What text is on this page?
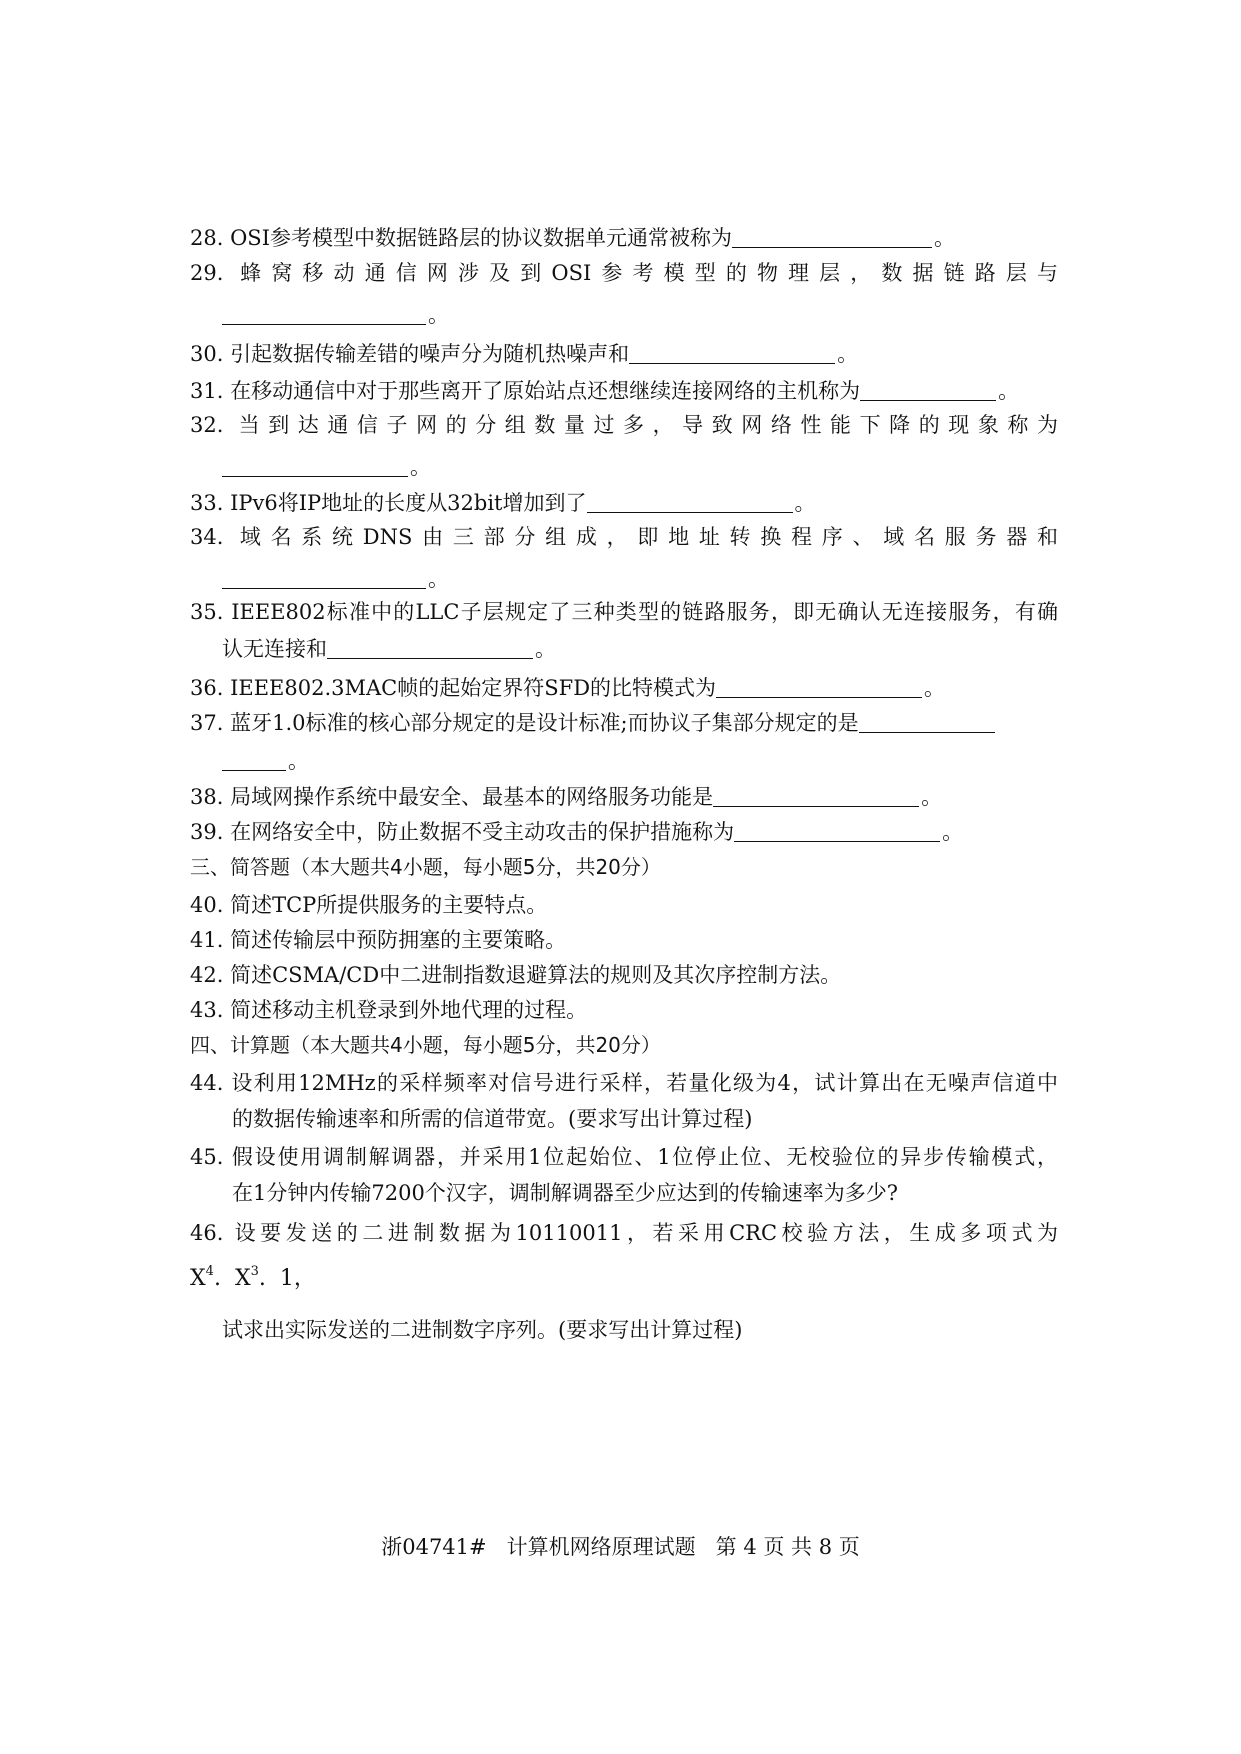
28. OSI参考模型中数据链路层的协议数据单元通常被称为	。
29. 蜂窝移动通信网涉及到OSI参考模型的物理层，数据链路层与
。
30. 引起数据传输差错的噪声分为随机热噪声和	。
31. 在移动通信中对于那些离开了原始站点还想继续连接网络的主机称为	。
32. 当到达通信子网的分组数量过多，导致网络性能下降的现象称为
。
33. IPv6将IP地址的长度从32bit增加到了	。
34. 域名系统DNS由三部分组成，即地址转换程序、域名服务器和
。
35. IEEE802标准中的LLC子层规定了三种类型的链路服务，即无确认无连接服务，有确
认无连接和	。
36. IEEE802.3MAC帧的起始定界符SFD的比特模式为	。
37. 蓝牙1.0标准的核心部分规定的是设计标准;而协议子集部分规定的是
。
38. 局域网操作系统中最安全、最基本的网络服务功能是	。
39. 在网络安全中，防止数据不受主动攻击的保护措施称为	。
三、简答题（本大题共4小题，每小题5分，共20分）
40. 简述TCP所提供服务的主要特点。
41. 简述传输层中预防拥塞的主要策略。
42. 简述CSMA/CD中二进制指数退避算法的规则及其次序控制方法。
43. 简述移动主机登录到外地代理的过程。
四、计算题（本大题共4小题，每小题5分，共20分）
44. 设利用12MHz的采样频率对信号进行采样，若量化级为4，试计算出在无噪声信道中
的数据传输速率和所需的信道带宽。(要求写出计算过程)
45. 假设使用调制解调器，并采用1位起始位、1位停止位、无校验位的异步传输模式，
在1分钟内传输7200个汉字，调制解调器至少应达到的传输速率为多少?
46. 设要发送的二进制数据为10110011，若采用CRC校验方法，生成多项式为
$X^4$. $X^3$. 1，
试求出实际发送的二进制数字序列。(要求写出计算过程)
浙04741#   计算机网络原理试题   第 4 页 共 8 页
